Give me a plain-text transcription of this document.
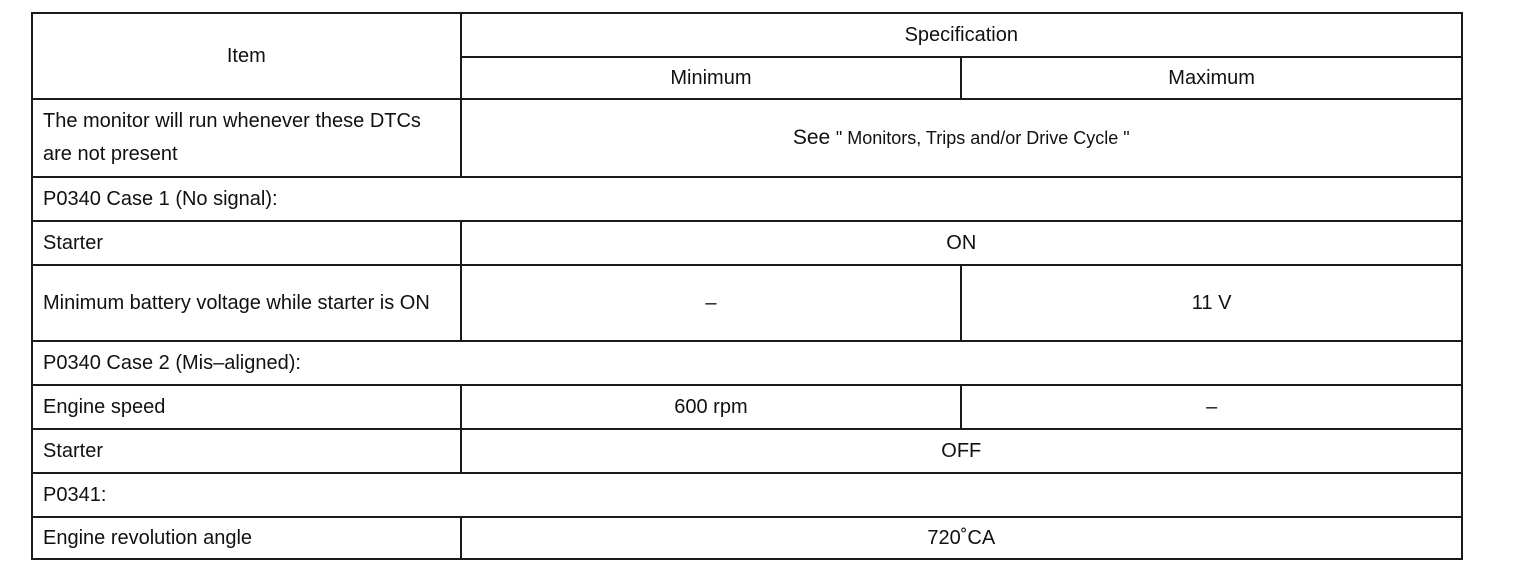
Item	Specification	
	Minimum	Maximum
The monitor will run whenever these DTCs are not present	See " Monitors, Trips and/or Drive Cycle "	
P0340 Case 1 (No signal):		
Starter	ON	
Minimum battery voltage while starter is ON	–	11 V
P0340 Case 2 (Mis–aligned):		
Engine speed	600 rpm	–
Starter	OFF	
P0341:		
Engine revolution angle	720˚CA	
